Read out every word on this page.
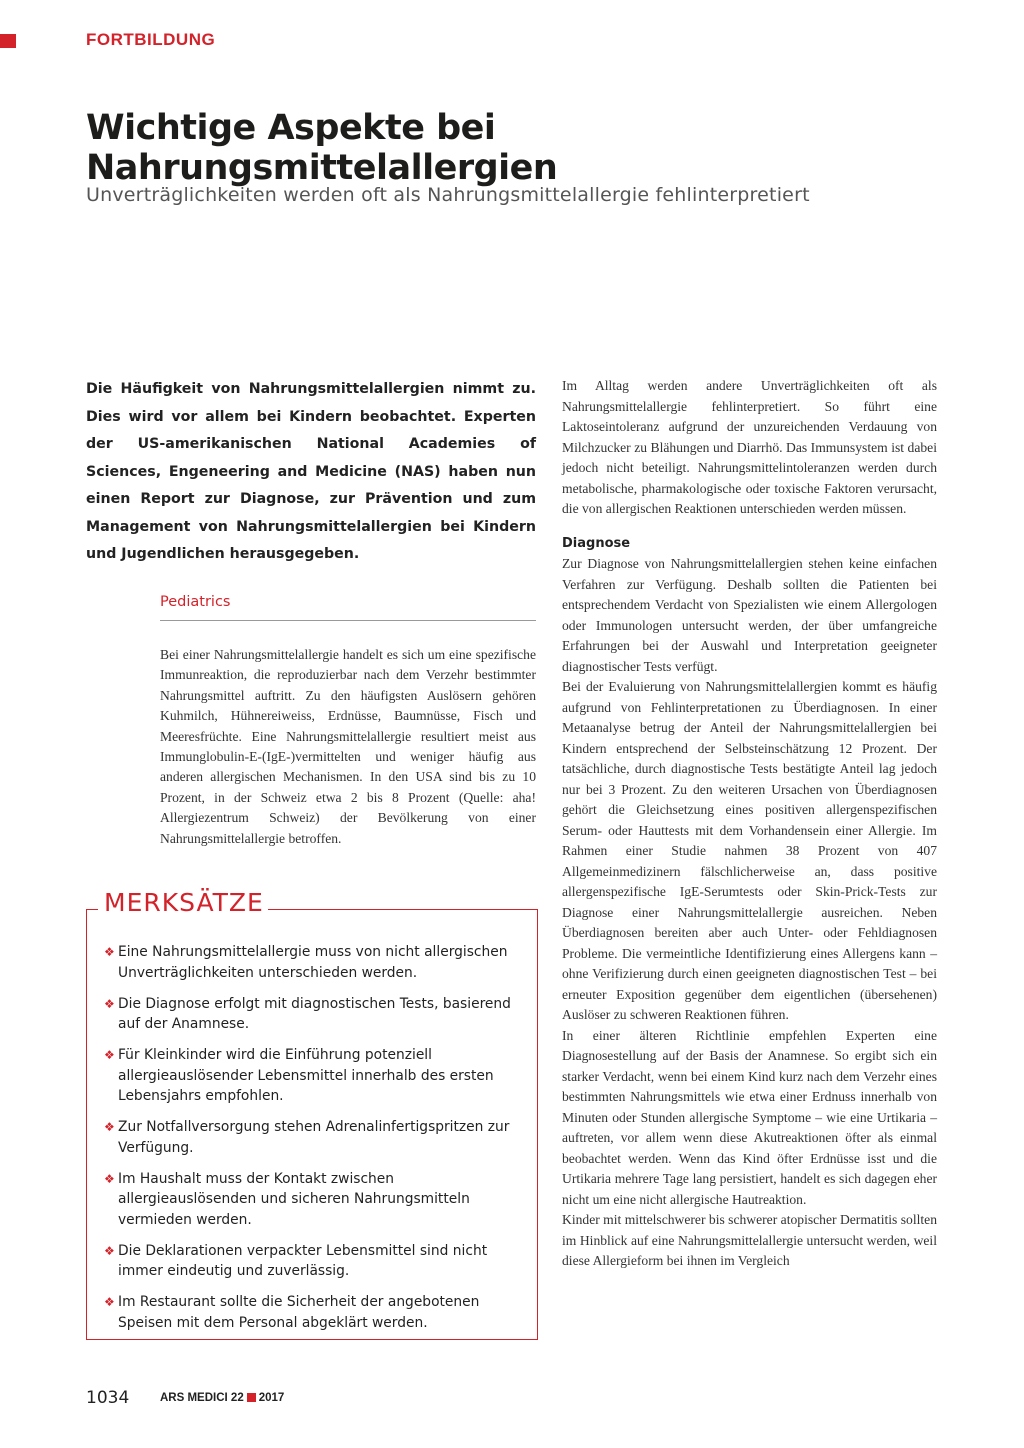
FORTBILDUNG
Wichtige Aspekte bei Nahrungsmittelallergien
Unverträglichkeiten werden oft als Nahrungsmittelallergie fehlinterpretiert
Die Häufigkeit von Nahrungsmittelallergien nimmt zu. Dies wird vor allem bei Kindern beobachtet. Experten der US-amerikanischen National Academies of Sciences, Engeneering and Medicine (NAS) haben nun einen Report zur Diagnose, zur Prävention und zum Management von Nahrungsmittelallergien bei Kindern und Jugendlichen herausgegeben.
Pediatrics
Bei einer Nahrungsmittelallergie handelt es sich um eine spezifische Immunreaktion, die reproduzierbar nach dem Verzehr bestimmter Nahrungsmittel auftritt. Zu den häufigsten Auslösern gehören Kuhmilch, Hühnereiweiss, Erdnüsse, Baumnüsse, Fisch und Meeresfrüchte. Eine Nahrungsmittelallergie resultiert meist aus Immunglobulin-E-(IgE-)vermittelten und weniger häufig aus anderen allergischen Mechanismen. In den USA sind bis zu 10 Prozent, in der Schweiz etwa 2 bis 8 Prozent (Quelle: aha! Allergiezentrum Schweiz) der Bevölkerung von einer Nahrungsmittelallergie betroffen.
MERKSÄTZE
❖ Eine Nahrungsmittelallergie muss von nicht allergischen Unverträglichkeiten unterschieden werden.
❖ Die Diagnose erfolgt mit diagnostischen Tests, basierend auf der Anamnese.
❖ Für Kleinkinder wird die Einführung potenziell allergieauslösender Lebensmittel innerhalb des ersten Lebensjahrs empfohlen.
❖ Zur Notfallversorgung stehen Adrenalinfertigspritzen zur Verfügung.
❖ Im Haushalt muss der Kontakt zwischen allergieauslösenden und sicheren Nahrungsmitteln vermieden werden.
❖ Die Deklarationen verpackter Lebensmittel sind nicht immer eindeutig und zuverlässig.
❖ Im Restaurant sollte die Sicherheit der angebotenen Speisen mit dem Personal abgeklärt werden.

Im Alltag werden andere Unverträglichkeiten oft als Nahrungsmittelallergie fehlinterpretiert. So führt eine Laktoseintoleranz aufgrund der unzureichenden Verdauung von Milchzucker zu Blähungen und Diarrhö. Das Immunsystem ist dabei jedoch nicht beteiligt. Nahrungsmittelintoleranzen werden durch metabolische, pharmakologische oder toxische Faktoren verursacht, die von allergischen Reaktionen unterschieden werden müssen.

Diagnose

Zur Diagnose von Nahrungsmittelallergien stehen keine einfachen Verfahren zur Verfügung. Deshalb sollten die Patienten bei entsprechendem Verdacht von Spezialisten wie einem Allergologen oder Immunologen untersucht werden, der über umfangreiche Erfahrungen bei der Auswahl und Interpretation geeigneter diagnostischer Tests verfügt.

Bei der Evaluierung von Nahrungsmittelallergien kommt es häufig aufgrund von Fehlinterpretationen zu Überdiagnosen. In einer Metaanalyse betrug der Anteil der Nahrungsmittelallergien bei Kindern entsprechend der Selbsteinschätzung 12 Prozent. Der tatsächliche, durch diagnostische Tests bestätigte Anteil lag jedoch nur bei 3 Prozent. Zu den weiteren Ursachen von Überdiagnosen gehört die Gleichsetzung eines positiven allergenspezifischen Serum- oder Hauttests mit dem Vorhandensein einer Allergie. Im Rahmen einer Studie nahmen 38 Prozent von 407 Allgemeinmedizinern fälschlicherweise an, dass positive allergenspezifische IgE-Serumtests oder Skin-Prick-Tests zur Diagnose einer Nahrungsmittelallergie ausreichen. Neben Überdiagnosen bereiten aber auch Unter- oder Fehldiagnosen Probleme. Die vermeintliche Identifizierung eines Allergens kann – ohne Verifizierung durch einen geeigneten diagnostischen Test – bei erneuter Exposition gegenüber dem eigentlichen (übersehenen) Auslöser zu schweren Reaktionen führen.

In einer älteren Richtlinie empfehlen Experten eine Diagnosestellung auf der Basis der Anamnese. So ergibt sich ein starker Verdacht, wenn bei einem Kind kurz nach dem Verzehr eines bestimmten Nahrungsmittels wie etwa einer Erdnuss innerhalb von Minuten oder Stunden allergische Symptome – wie eine Urtikaria – auftreten, vor allem wenn diese Akutreaktionen öfter als einmal beobachtet werden. Wenn das Kind öfter Erdnüsse isst und die Urtikaria mehrere Tage lang persistiert, handelt es sich dagegen eher nicht um eine nicht allergische Hautreaktion.

Kinder mit mittelschwerer bis schwerer atopischer Dermatitis sollten im Hinblick auf eine Nahrungsmittelallergie untersucht werden, weil diese Allergieform bei ihnen im Vergleich

1034	ARS MEDICI 22 2017
